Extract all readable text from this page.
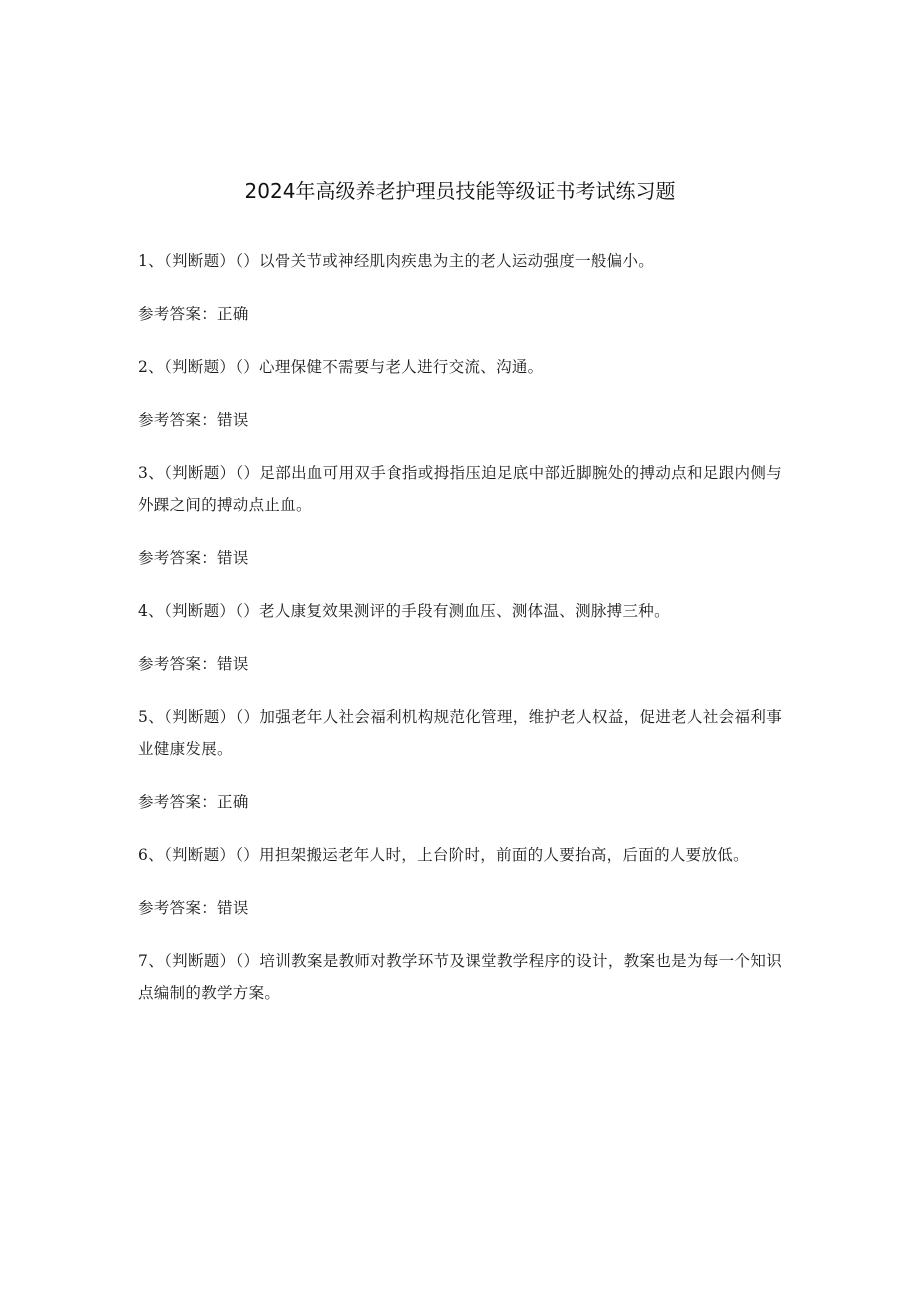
2024年高级养老护理员技能等级证书考试练习题

1、（判断题）（）以骨关节或神经肌肉疾患为主的老人运动强度一般偏小。

参考答案：正确

2、（判断题）（）心理保健不需要与老人进行交流、沟通。

参考答案：错误

3、（判断题）（）足部出血可用双手食指或拇指压迫足底中部近脚腕处的搏动点和足跟内侧与外踝之间的搏动点止血。

参考答案：错误

4、（判断题）（）老人康复效果测评的手段有测血压、测体温、测脉搏三种。

参考答案：错误

5、（判断题）（）加强老年人社会福利机构规范化管理，维护老人权益，促进老人社会福利事业健康发展。

参考答案：正确

6、（判断题）（）用担架搬运老年人时，上台阶时，前面的人要抬高，后面的人要放低。

参考答案：错误

7、（判断题）（）培训教案是教师对教学环节及课堂教学程序的设计，教案也是为每一个知识点编制的教学方案。
